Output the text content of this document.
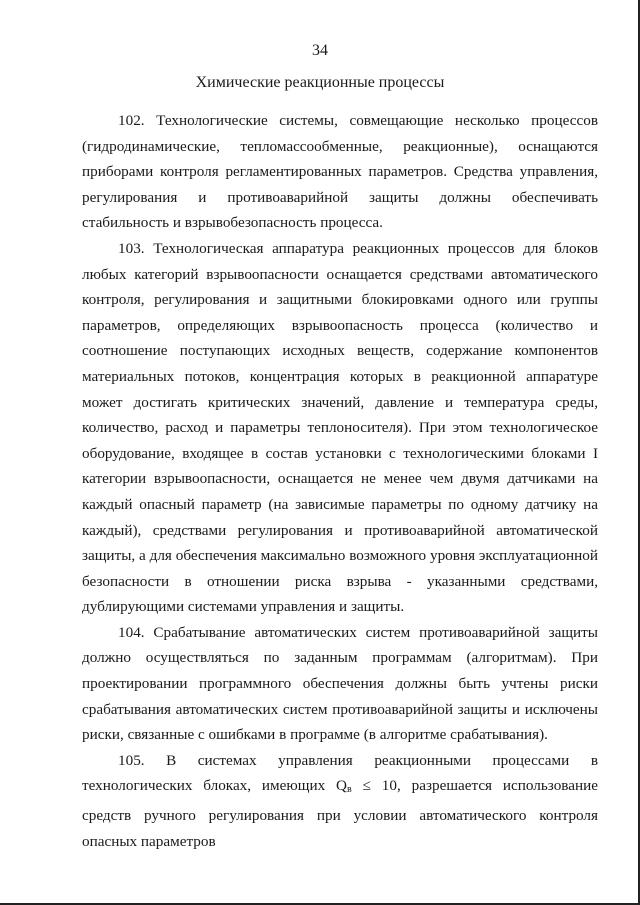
34
Химические реакционные процессы

102. Технологические системы, совмещающие несколько процессов (гидродинамические, тепломассообменные, реакционные), оснащаются приборами контроля регламентированных параметров. Средства управления, регулирования и противоаварийной защиты должны обеспечивать стабильность и взрывобезопасность процесса.

103. Технологическая аппаратура реакционных процессов для блоков любых категорий взрывоопасности оснащается средствами автоматического контроля, регулирования и защитными блокировками одного или группы параметров, определяющих взрывоопасность процесса (количество и соотношение поступающих исходных веществ, содержание компонентов материальных потоков, концентрация которых в реакционной аппаратуре может достигать критических значений, давление и температура среды, количество, расход и параметры теплоносителя). При этом технологическое оборудование, входящее в состав установки с технологическими блоками I категории взрывоопасности, оснащается не менее чем двумя датчиками на каждый опасный параметр (на зависимые параметры по одному датчику на каждый), средствами регулирования и противоаварийной автоматической защиты, а для обеспечения максимально возможного уровня эксплуатационной безопасности в отношении риска взрыва - указанными средствами, дублирующими системами управления и защиты.

104. Срабатывание автоматических систем противоаварийной защиты должно осуществляться по заданным программам (алгоритмам). При проектировании программного обеспечения должны быть учтены риски срабатывания автоматических систем противоаварийной защиты и исключены риски, связанные с ошибками в программе (в алгоритме срабатывания).

105. В системах управления реакционными процессами в технологических блоках, имеющих $Q_в \le 10$, разрешается использование средств ручного регулирования при условии автоматического контроля опасных параметров
